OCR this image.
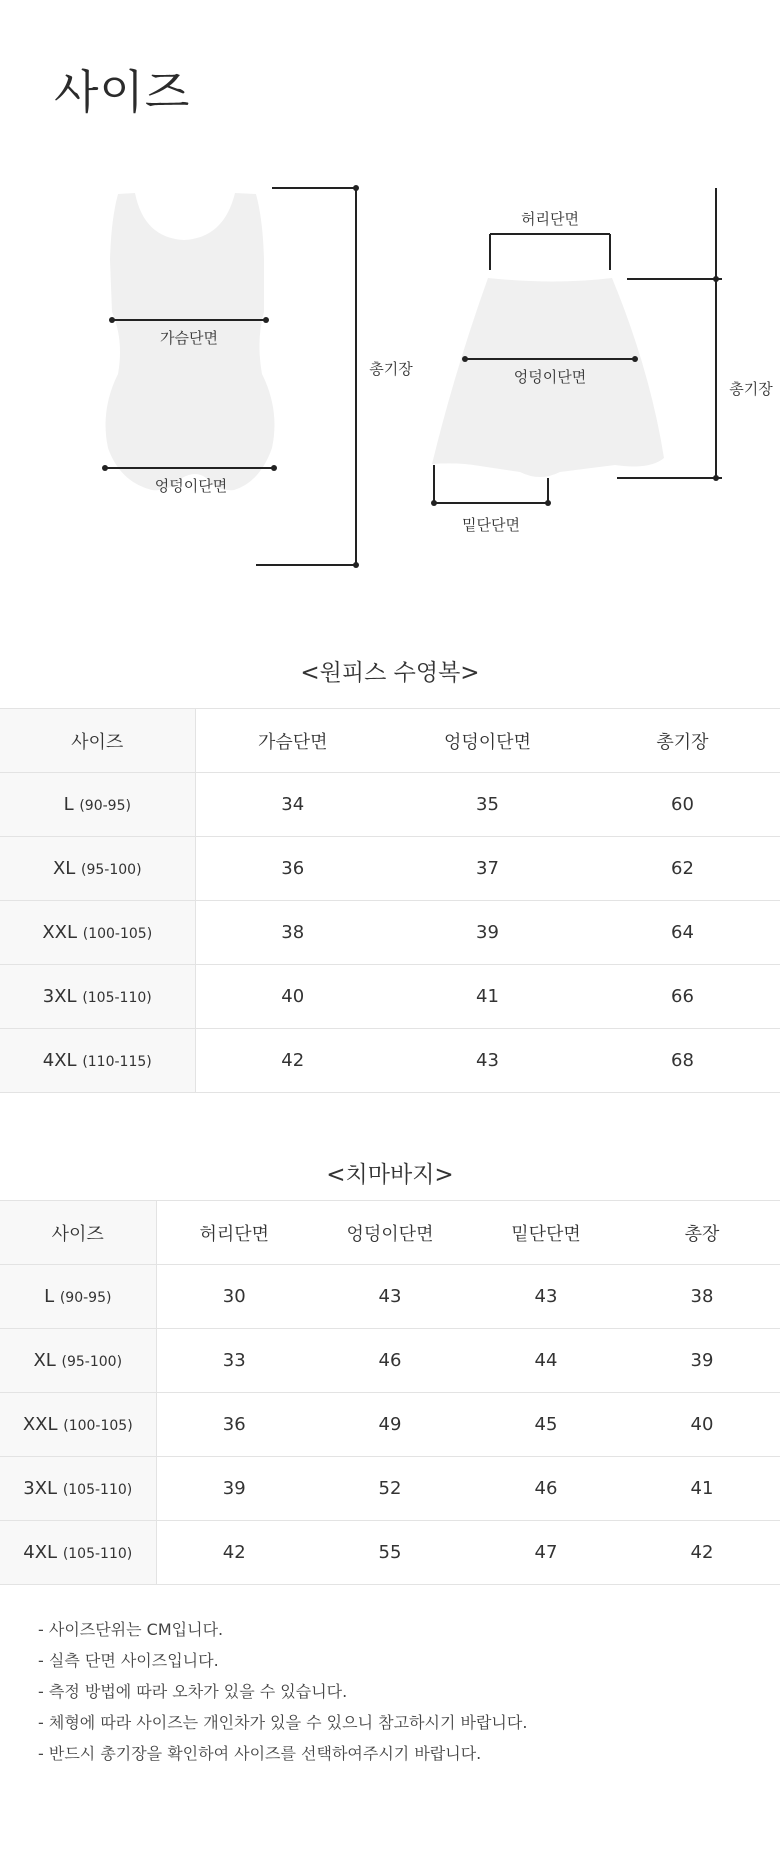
사이즈
가슴단면
엉덩이단면
총기장
허리단면
엉덩이단면
밑단단면
총기장
<원피스 수영복>
사이즈	가슴단면	엉덩이단면	총기장
L (90-95)	34	35	60
XL (95-100)	36	37	62
XXL (100-105)	38	39	64
3XL (105-110)	40	41	66
4XL (110-115)	42	43	68
<치마바지>
사이즈	허리단면	엉덩이단면	밑단단면	총장
L (90-95)	30	43	43	38
XL (95-100)	33	46	44	39
XXL (100-105)	36	49	45	40
3XL (105-110)	39	52	46	41
4XL (105-110)	42	55	47	42
- 사이즈단위는 CM입니다.
- 실측 단면 사이즈입니다.
- 측정 방법에 따라 오차가 있을 수 있습니다.
- 체형에 따라 사이즈는 개인차가 있을 수 있으니 참고하시기 바랍니다.
- 반드시 총기장을 확인하여 사이즈를 선택하여주시기 바랍니다.
